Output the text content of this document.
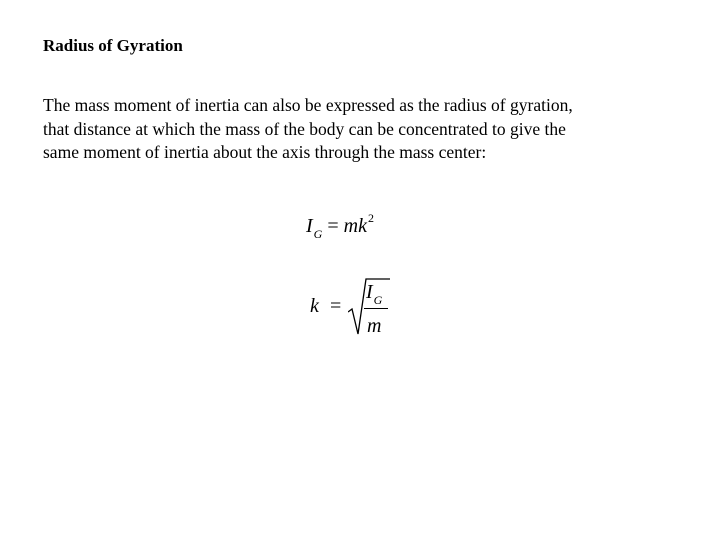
Radius of Gyration

The mass moment of inertia can also be expressed as the radius of gyration,
that distance at which the mass of the body can be concentrated to give the
same moment of inertia about the axis through the mass center:

$I_G = mk^2$
k =
$I_G$
m
